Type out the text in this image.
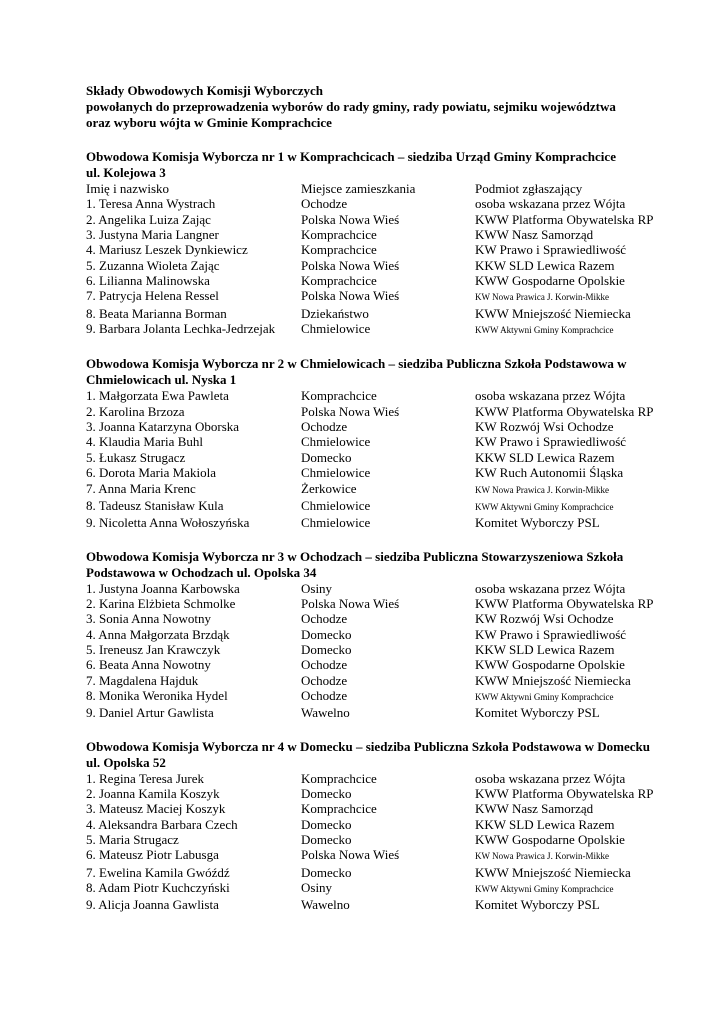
Składy Obwodowych Komisji Wyborczych
powołanych do przeprowadzenia wyborów do rady gminy, rady powiatu, sejmiku województwa
oraz wyboru wójta w Gminie Komprachcice
Obwodowa Komisja Wyborcza nr 1 w Komprachcicach – siedziba Urząd Gminy Komprachcice
ul. Kolejowa 3
Imię i nazwisko	Miejsce zamieszkania	Podmiot zgłaszający
1. Teresa Anna Wystrach	Ochodze	osoba wskazana przez Wójta
2. Angelika Luiza Zając	Polska Nowa Wieś	KWW Platforma Obywatelska RP
3. Justyna Maria Langner	Komprachcice	KWW Nasz Samorząd
4. Mariusz Leszek Dynkiewicz	Komprachcice	KW Prawo i Sprawiedliwość
5. Zuzanna Wioleta Zając	Polska Nowa Wieś	KKW SLD Lewica Razem
6. Lilianna Malinowska	Komprachcice	KWW Gospodarne Opolskie
7. Patrycja Helena Ressel	Polska Nowa Wieś	KW Nowa Prawica J. Korwin-Mikke
8. Beata Marianna Borman	Dziekaństwo	KWW Mniejszość Niemiecka
9. Barbara Jolanta Lechka-Jedrzejak	Chmielowice	KWW Aktywni Gminy Komprachcice
Obwodowa Komisja Wyborcza nr 2 w Chmielowicach – siedziba Publiczna Szkoła Podstawowa w
Chmielowicach ul. Nyska 1
1. Małgorzata Ewa Pawleta	Komprachcice	osoba wskazana przez Wójta
2. Karolina Brzoza	Polska Nowa Wieś	KWW Platforma Obywatelska RP
3. Joanna Katarzyna Oborska	Ochodze	KW Rozwój Wsi Ochodze
4. Klaudia Maria Buhl	Chmielowice	KW Prawo i Sprawiedliwość
5. Łukasz Strugacz	Domecko	KKW SLD Lewica Razem
6. Dorota Maria Makiola	Chmielowice	KW Ruch Autonomii Śląska
7. Anna Maria Krenc	Żerkowice	KW Nowa Prawica J. Korwin-Mikke
8. Tadeusz Stanisław Kula	Chmielowice	KWW Aktywni Gminy Komprachcice
9. Nicoletta Anna Wołoszyńska	Chmielowice	Komitet Wyborczy PSL
Obwodowa Komisja Wyborcza nr 3 w Ochodzach – siedziba Publiczna Stowarzyszeniowa Szkoła
Podstawowa w Ochodzach ul. Opolska 34
1. Justyna Joanna Karbowska	Osiny	osoba wskazana przez Wójta
2. Karina Elżbieta Schmolke	Polska Nowa Wieś	KWW Platforma Obywatelska RP
3. Sonia Anna Nowotny	Ochodze	KW Rozwój Wsi Ochodze
4. Anna Małgorzata Brzdąk	Domecko	KW Prawo i Sprawiedliwość
5. Ireneusz Jan Krawczyk	Domecko	KKW SLD Lewica Razem
6. Beata Anna Nowotny	Ochodze	KWW Gospodarne Opolskie
7. Magdalena Hajduk	Ochodze	KWW Mniejszość Niemiecka
8. Monika Weronika Hydel	Ochodze	KWW Aktywni Gminy Komprachcice
9. Daniel Artur Gawlista	Wawelno	Komitet Wyborczy PSL
Obwodowa Komisja Wyborcza nr 4 w Domecku – siedziba Publiczna Szkoła Podstawowa w Domecku
ul. Opolska 52
1. Regina Teresa Jurek	Komprachcice	osoba wskazana przez Wójta
2. Joanna Kamila Koszyk	Domecko	KWW Platforma Obywatelska RP
3. Mateusz Maciej Koszyk	Komprachcice	KWW Nasz Samorząd
4. Aleksandra Barbara Czech	Domecko	KKW SLD Lewica Razem
5. Maria Strugacz	Domecko	KWW Gospodarne Opolskie
6. Mateusz Piotr Labusga	Polska Nowa Wieś	KW Nowa Prawica J. Korwin-Mikke
7. Ewelina Kamila Gwóźdź	Domecko	KWW Mniejszość Niemiecka
8. Adam Piotr Kuchczyński	Osiny	KWW Aktywni Gminy Komprachcice
9. Alicja Joanna Gawlista	Wawelno	Komitet Wyborczy PSL
